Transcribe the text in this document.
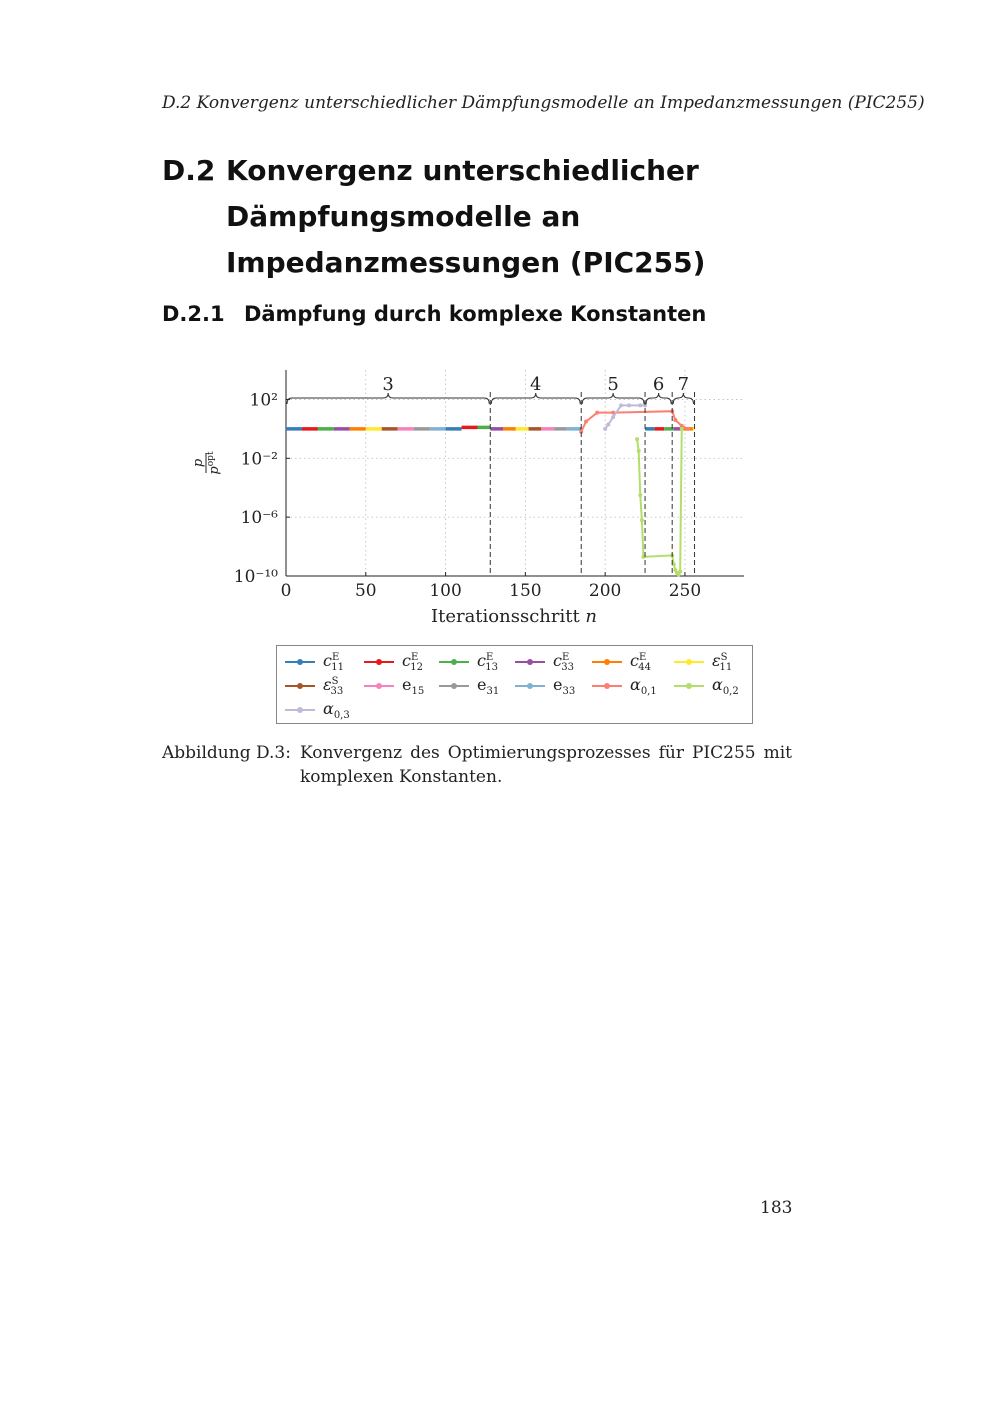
D.2 Konvergenz unterschiedlicher Dämpfungsmodelle an Impedanzmessungen (PIC255)
D.2 Konvergenz unterschiedlicher Dämpfungsmodelle an Impedanzmessungen (PIC255)
D.2.1 Dämpfung durch komplexe Konstanten
0	50	100	150	200	250
10²
10⁻²
10⁻⁶
10⁻¹⁰
3	4	5 6 7
p
$p^{opt}$
Iterationsschritt n
$c^E_{11}$	$c^E_{12}$	$c^E_{13}$	$c^E_{33}$	$c^E_{44}$	$\varepsilon^S_{11}$
$\varepsilon^S_{33}$	$e_{15}$	$e_{31}$	$e_{33}$	$\alpha_{0,1}$	$\alpha_{0,2}$
$\alpha_{0,3}$
Abbildung D.3: Konvergenz des Optimierungsprozesses für PIC255 mit komplexen Konstanten.
183
